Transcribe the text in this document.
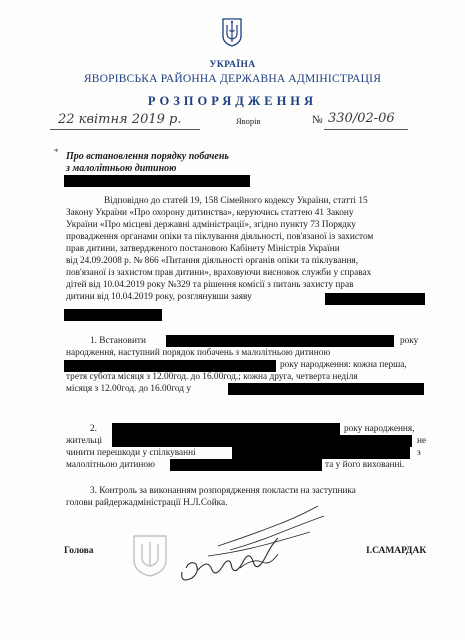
УКРАЇНА
ЯВОРІВСЬКА РАЙОННА ДЕРЖАВНА АДМІНІСТРАЦІЯ
РОЗПОРЯДЖЕННЯ
22 квітня 2019 р.	Яворів	№ 330/02-06
* Про встановлення порядку побачень
з малолітньою дитиною
Відповідно до статей 19, 158 Сімейного кодексу України, статті 15
Закону України «Про охорону дитинства», керуючись статтею 41 Закону
України «Про місцеві державні адміністрації», згідно пункту 73 Порядку
провадження органами опіки та піклування діяльності, пов'язаної із захистом
прав дитини, затвердженого постановою Кабінету Міністрів України
від 24.09.2008 р. № 866 «Питання діяльності органів опіки та піклування,
пов'язаної із захистом прав дитини», враховуючи висновок служби у справах
дітей від 10.04.2019 року №329 та рішення комісії з питань захисту прав
дитини від 10.04.2019 року, розглянувши заяву
1. Встановити	року
народження, наступний порядок побачень з малолітньою дитиною
року народження: кожна перша,
третя субота місяця з 12.00год. до 16.00год.; кожна друга, четверта неділя
місяця з 12.00год. до 16.00год у
2.	року народження,
жительці	не
чинити перешкоди у спілкуванні	з
малолітньою дитиною	та у його вихованні.
3. Контроль за виконанням розпорядження покласти на заступника
голови райдержадміністрації Н.Л.Сойка.
Голова	І.САМАРДАК
